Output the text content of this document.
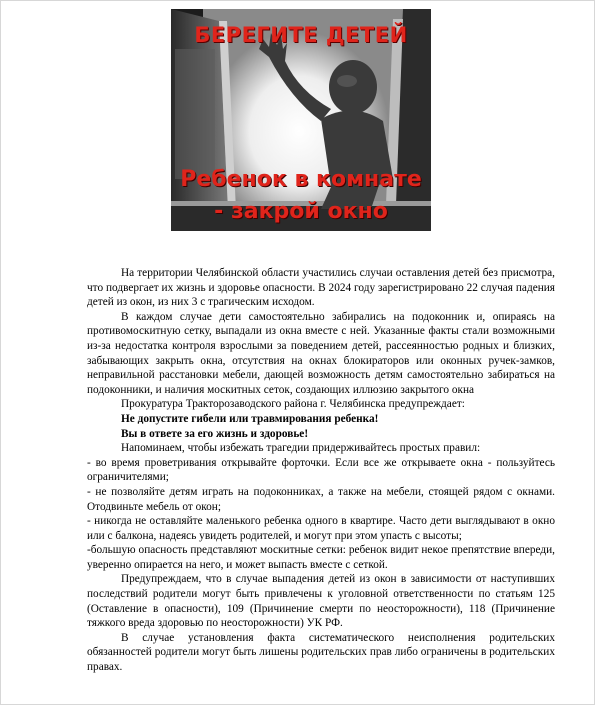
БЕРЕГИТЕ ДЕТЕЙ
Ребенок в комнате
- закрой окно

На территории Челябинской области участились случаи оставления детей без присмотра, что подвергает их жизнь и здоровье опасности. В 2024 году зарегистрировано 22 случая падения детей из окон, из них 3 с трагическим исходом.

В каждом случае дети самостоятельно забирались на подоконник и, опираясь на противомоскитную сетку, выпадали из окна вместе с ней. Указанные факты стали возможными из-за недостатка контроля взрослыми за поведением детей, рассеянностью родных и близких, забывающих закрыть окна, отсутствия на окнах блокираторов или оконных ручек-замков, неправильной расстановки мебели, дающей возможность детям самостоятельно забираться на подоконники, и наличия москитных сеток, создающих иллюзию закрытого окна

Прокуратура Тракторозаводского района г. Челябинска предупреждает:

Не допустите гибели или травмирования ребенка!

Вы в ответе за его жизнь и здоровье!

Напоминаем, чтобы избежать трагедии придерживайтесь простых правил:

- во время проветривания открывайте форточки. Если все же открываете окна - пользуйтесь ограничителями;

- не позволяйте детям играть на подоконниках, а также на мебели, стоящей рядом с окнами. Отодвиньте мебель от окон;

- никогда не оставляйте маленького ребенка одного в квартире. Часто дети выглядывают в окно или с балкона, надеясь увидеть родителей, и могут при этом упасть с высоты;

-большую опасность представляют москитные сетки: ребенок видит некое препятствие впереди, уверенно опирается на него, и может выпасть вместе с сеткой.

Предупреждаем, что в случае выпадения детей из окон в зависимости от наступивших последствий родители могут быть привлечены к уголовной ответственности по статьям 125 (Оставление в опасности), 109 (Причинение смерти по неосторожности), 118 (Причинение тяжкого вреда здоровью по неосторожности) УК РФ.

В случае установления факта систематического неисполнения родительских обязанностей родители могут быть лишены родительских прав либо ограничены в родительских правах.
